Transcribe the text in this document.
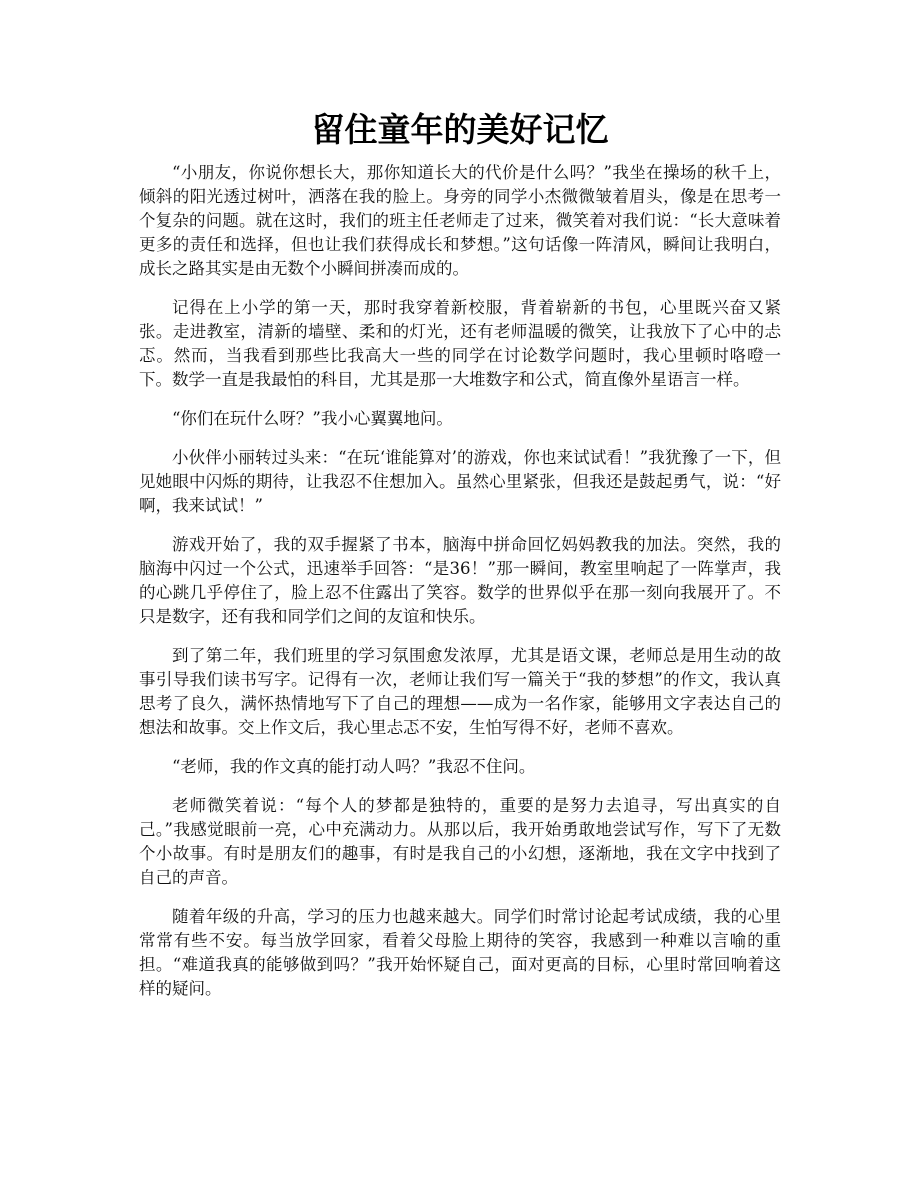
留住童年的美好记忆

“小朋友，你说你想长大，那你知道长大的代价是什么吗？”我坐在操场的秋千上，倾斜的阳光透过树叶，洒落在我的脸上。身旁的同学小杰微微皱着眉头，像是在思考一个复杂的问题。就在这时，我们的班主任老师走了过来，微笑着对我们说：“长大意味着更多的责任和选择，但也让我们获得成长和梦想。”这句话像一阵清风，瞬间让我明白，成长之路其实是由无数个小瞬间拼凑而成的。

记得在上小学的第一天，那时我穿着新校服，背着崭新的书包，心里既兴奋又紧张。走进教室，清新的墙壁、柔和的灯光，还有老师温暖的微笑，让我放下了心中的忐忑。然而，当我看到那些比我高大一些的同学在讨论数学问题时，我心里顿时咯噔一下。数学一直是我最怕的科目，尤其是那一大堆数字和公式，简直像外星语言一样。

“你们在玩什么呀？”我小心翼翼地问。

小伙伴小丽转过头来：“在玩‘谁能算对’的游戏，你也来试试看！”我犹豫了一下，但见她眼中闪烁的期待，让我忍不住想加入。虽然心里紧张，但我还是鼓起勇气，说：“好啊，我来试试！”

游戏开始了，我的双手握紧了书本，脑海中拼命回忆妈妈教我的加法。突然，我的脑海中闪过一个公式，迅速举手回答：“是36！”那一瞬间，教室里响起了一阵掌声，我的心跳几乎停住了，脸上忍不住露出了笑容。数学的世界似乎在那一刻向我展开了。不只是数字，还有我和同学们之间的友谊和快乐。

到了第二年，我们班里的学习氛围愈发浓厚，尤其是语文课，老师总是用生动的故事引导我们读书写字。记得有一次，老师让我们写一篇关于“我的梦想”的作文，我认真思考了良久，满怀热情地写下了自己的理想——成为一名作家，能够用文字表达自己的想法和故事。交上作文后，我心里忐忑不安，生怕写得不好，老师不喜欢。

“老师，我的作文真的能打动人吗？”我忍不住问。

老师微笑着说：“每个人的梦都是独特的，重要的是努力去追寻，写出真实的自己。”我感觉眼前一亮，心中充满动力。从那以后，我开始勇敢地尝试写作，写下了无数个小故事。有时是朋友们的趣事，有时是我自己的小幻想，逐渐地，我在文字中找到了自己的声音。

随着年级的升高，学习的压力也越来越大。同学们时常讨论起考试成绩，我的心里常常有些不安。每当放学回家，看着父母脸上期待的笑容，我感到一种难以言喻的重担。“难道我真的能够做到吗？”我开始怀疑自己，面对更高的目标，心里时常回响着这样的疑问。
